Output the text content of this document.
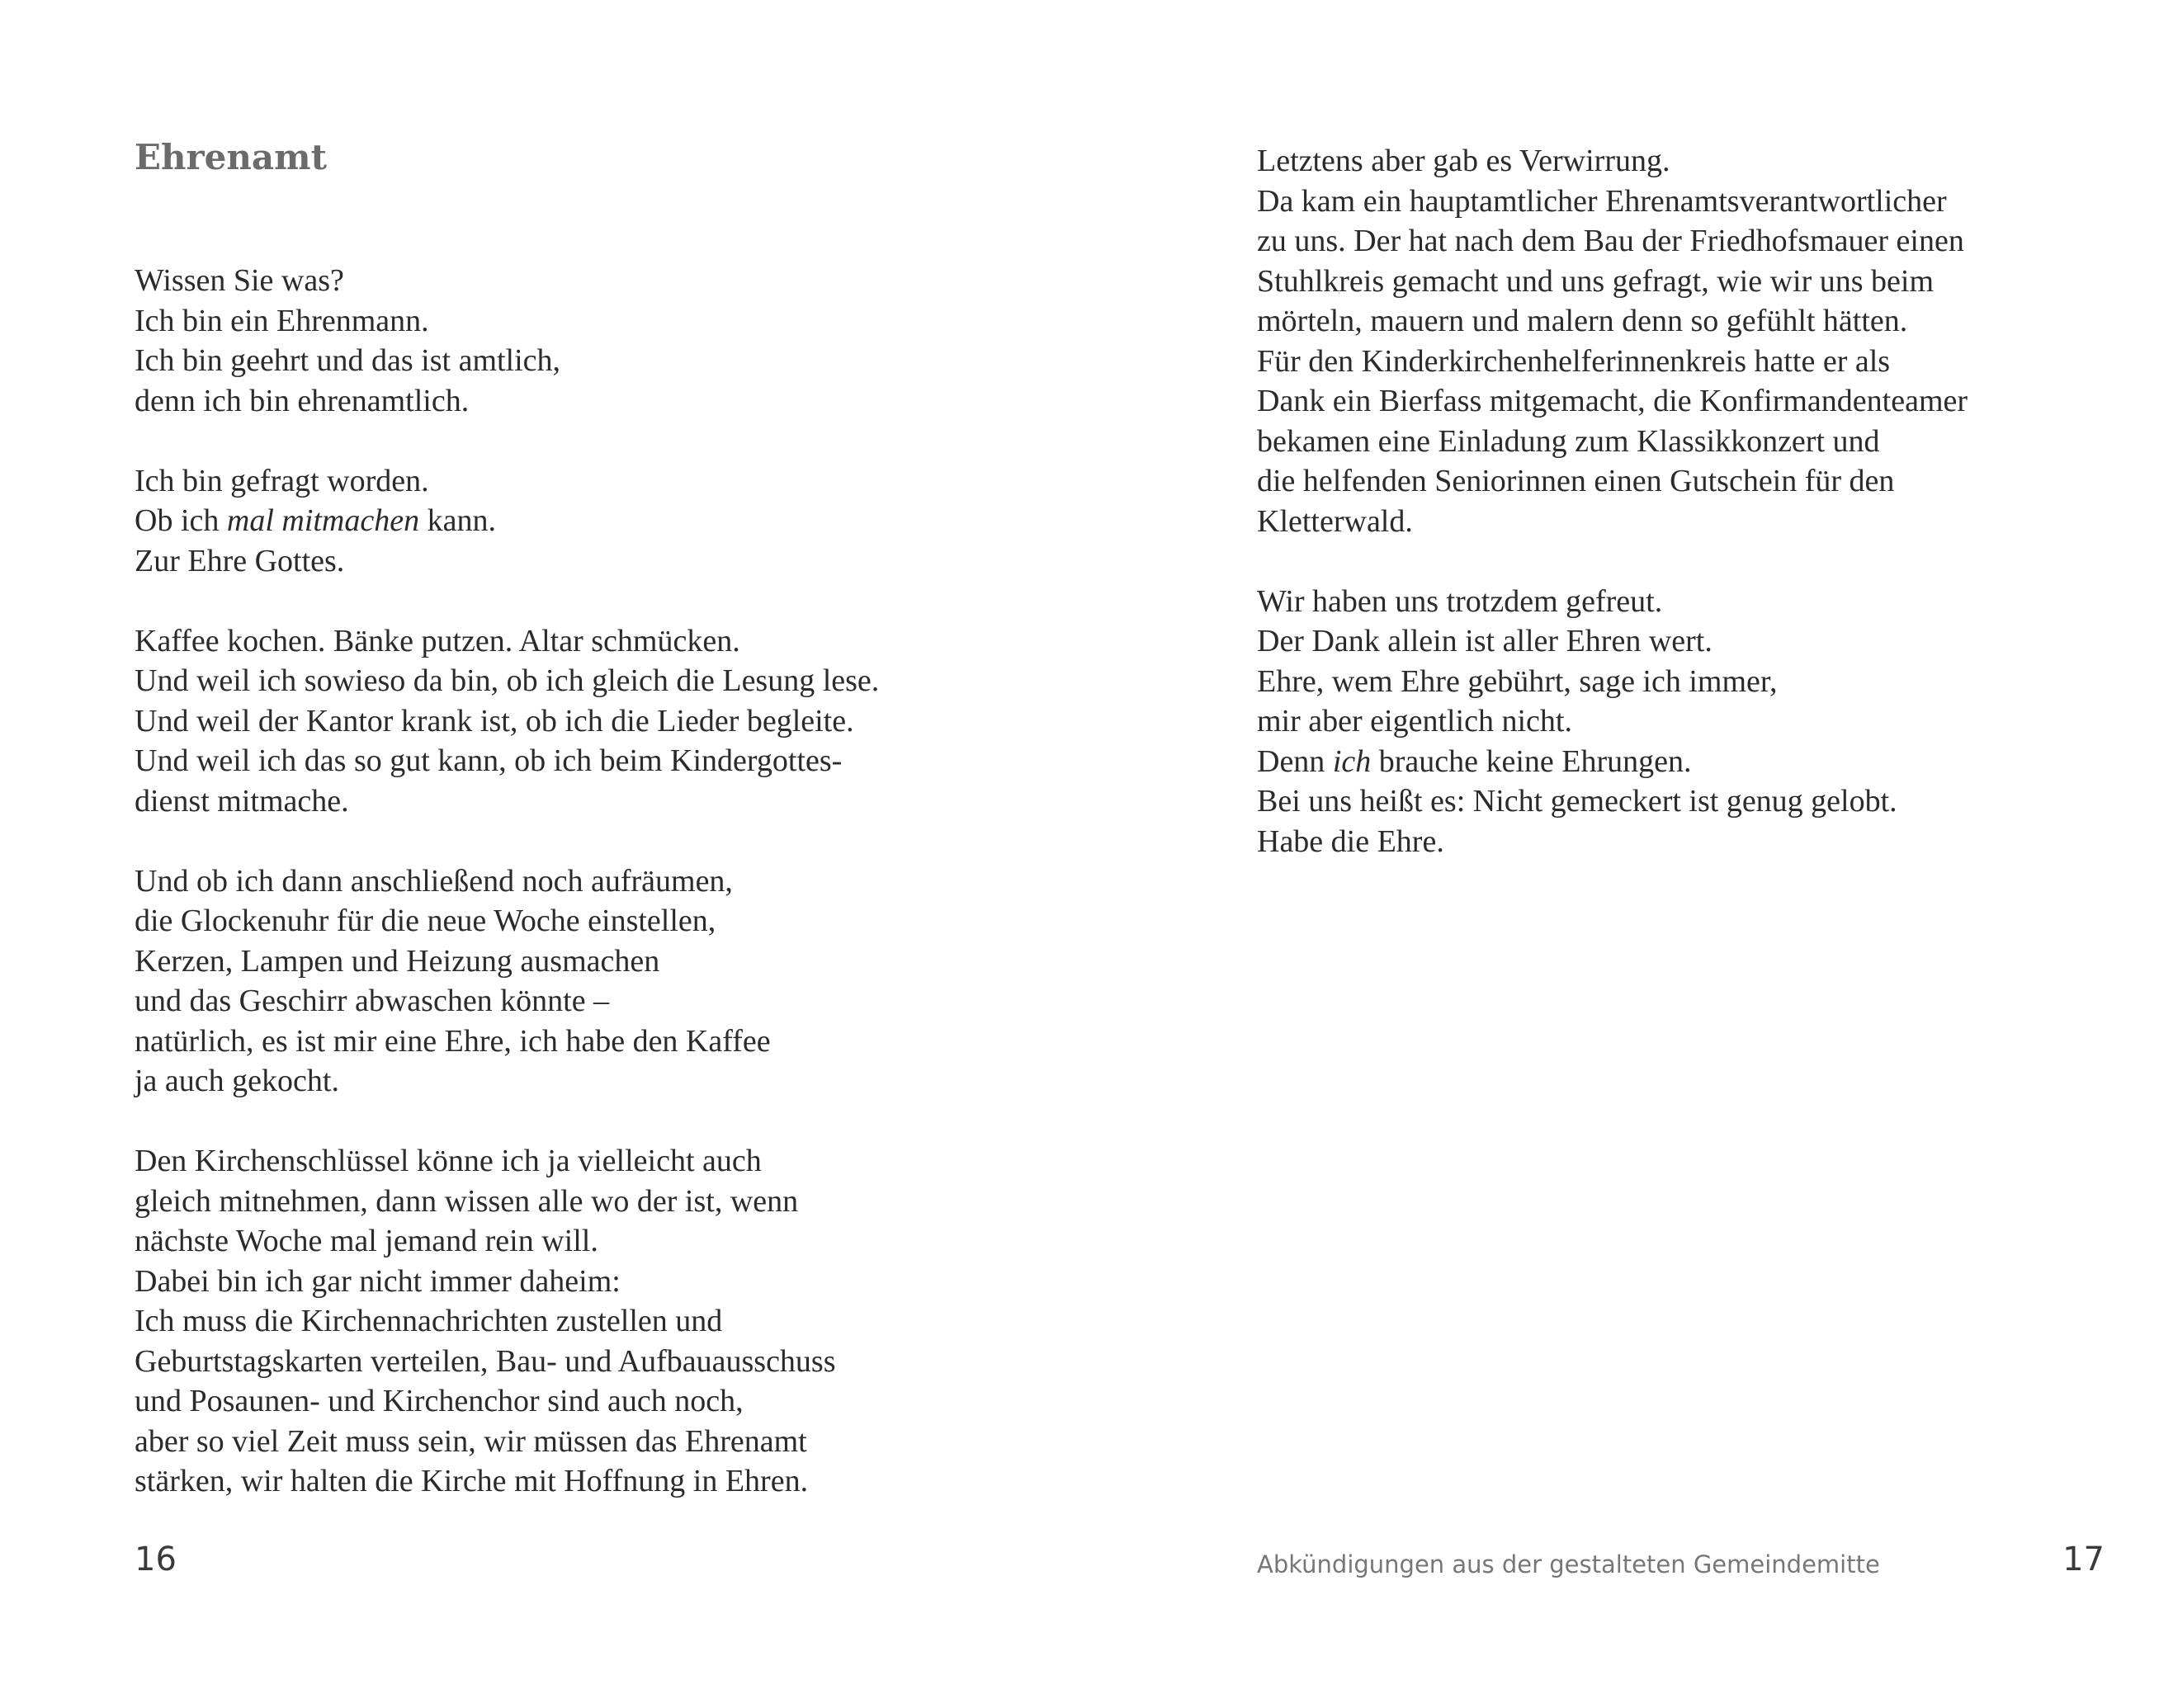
Ehrenamt
Wissen Sie was?
Ich bin ein Ehrenmann.
Ich bin geehrt und das ist amtlich,
denn ich bin ehrenamtlich.
Ich bin gefragt worden.
Ob ich mal mitmachen kann.
Zur Ehre Gottes.
Kaffee kochen. Bänke putzen. Altar schmücken.
Und weil ich sowieso da bin, ob ich gleich die Lesung lese.
Und weil der Kantor krank ist, ob ich die Lieder begleite.
Und weil ich das so gut kann, ob ich beim Kindergottes-
dienst mitmache.
Und ob ich dann anschließend noch aufräumen,
die Glockenuhr für die neue Woche einstellen,
Kerzen, Lampen und Heizung ausmachen
und das Geschirr abwaschen könnte –
natürlich, es ist mir eine Ehre, ich habe den Kaffee
ja auch gekocht.
Den Kirchenschlüssel könne ich ja vielleicht auch
gleich mitnehmen, dann wissen alle wo der ist, wenn
nächste Woche mal jemand rein will.
Dabei bin ich gar nicht immer daheim:
Ich muss die Kirchennachrichten zustellen und
Geburtstagskarten verteilen, Bau- und Aufbauausschuss
und Posaunen- und Kirchenchor sind auch noch,
aber so viel Zeit muss sein, wir müssen das Ehrenamt
stärken, wir halten die Kirche mit Hoffnung in Ehren.
16
Letztens aber gab es Verwirrung.
Da kam ein hauptamtlicher Ehrenamtsverantwortlicher
zu uns. Der hat nach dem Bau der Friedhofsmauer einen
Stuhlkreis gemacht und uns gefragt, wie wir uns beim
mörteln, mauern und malern denn so gefühlt hätten.
Für den Kinderkirchenhelferinnenkreis hatte er als
Dank ein Bierfass mitgemacht, die Konfirmandenteamer
bekamen eine Einladung zum Klassikkonzert und
die helfenden Seniorinnen einen Gutschein für den
Kletterwald.
Wir haben uns trotzdem gefreut.
Der Dank allein ist aller Ehren wert.
Ehre, wem Ehre gebührt, sage ich immer,
mir aber eigentlich nicht.
Denn ich brauche keine Ehrungen.
Bei uns heißt es: Nicht gemeckert ist genug gelobt.
Habe die Ehre.
Abkündigungen aus der gestalteten Gemeindemitte	17
